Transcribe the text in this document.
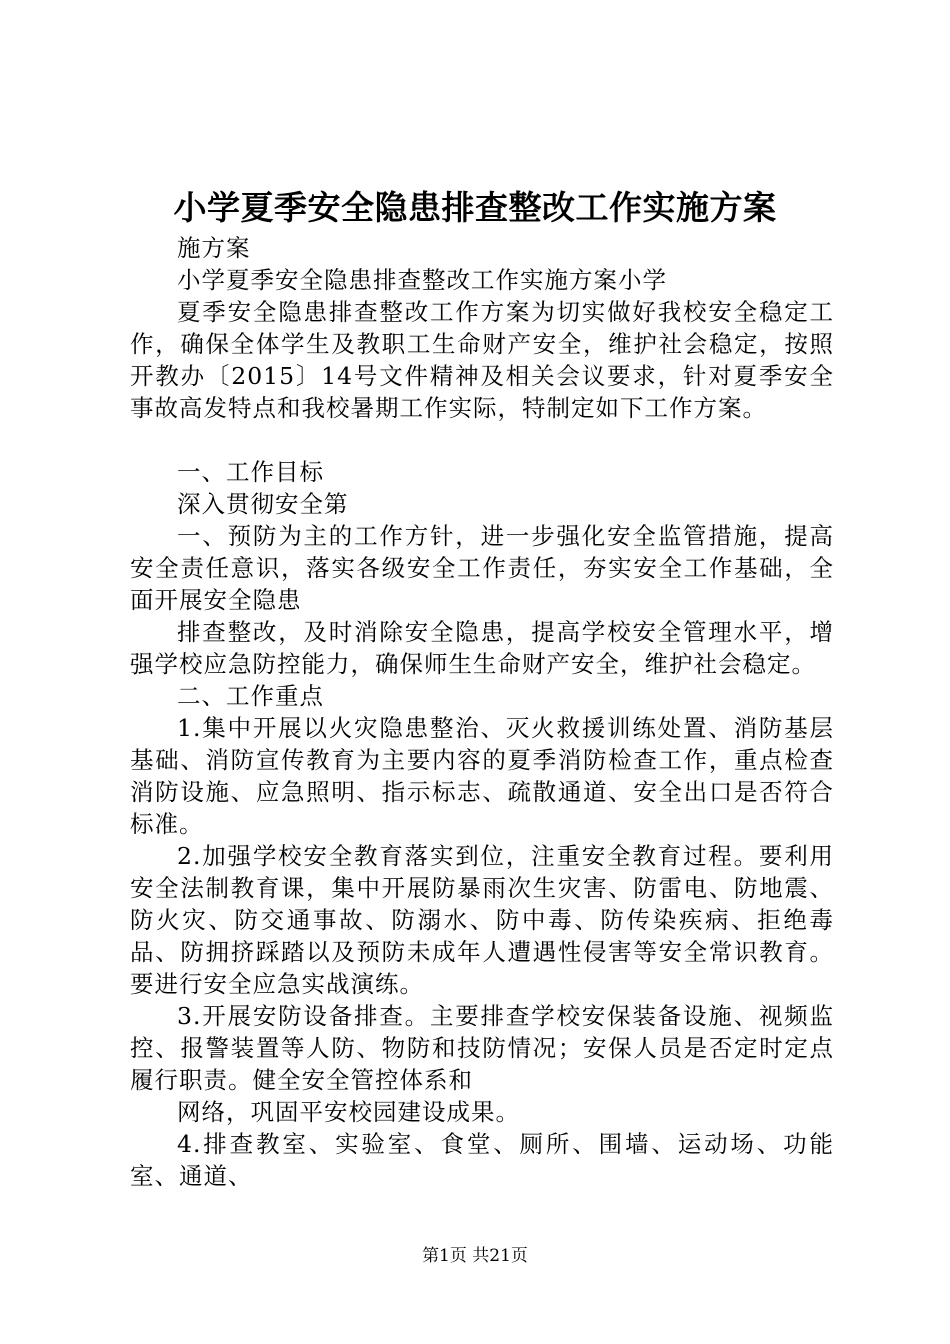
小学夏季安全隐患排查整改工作实施方案

施方案

小学夏季安全隐患排查整改工作实施方案小学

夏季安全隐患排查整改工作方案为切实做好我校安全稳定工作，确保全体学生及教职工生命财产安全，维护社会稳定，按照开教办〔2015〕14号文件精神及相关会议要求，针对夏季安全事故高发特点和我校暑期工作实际，特制定如下工作方案。

一、工作目标

深入贯彻安全第

一、预防为主的工作方针，进一步强化安全监管措施，提高安全责任意识，落实各级安全工作责任，夯实安全工作基础，全面开展安全隐患

排查整改，及时消除安全隐患，提高学校安全管理水平，增强学校应急防控能力，确保师生生命财产安全，维护社会稳定。

二、工作重点

1.集中开展以火灾隐患整治、灭火救援训练处置、消防基层基础、消防宣传教育为主要内容的夏季消防检查工作，重点检查消防设施、应急照明、指示标志、疏散通道、安全出口是否符合标准。

2.加强学校安全教育落实到位，注重安全教育过程。要利用安全法制教育课，集中开展防暴雨次生灾害、防雷电、防地震、防火灾、防交通事故、防溺水、防中毒、防传染疾病、拒绝毒品、防拥挤踩踏以及预防未成年人遭遇性侵害等安全常识教育。要进行安全应急实战演练。

3.开展安防设备排查。主要排查学校安保装备设施、视频监控、报警装置等人防、物防和技防情况；安保人员是否定时定点履行职责。健全安全管控体系和

网络，巩固平安校园建设成果。

4.排查教室、实验室、食堂、厕所、围墙、运动场、功能室、通道、

第1页 共21页
